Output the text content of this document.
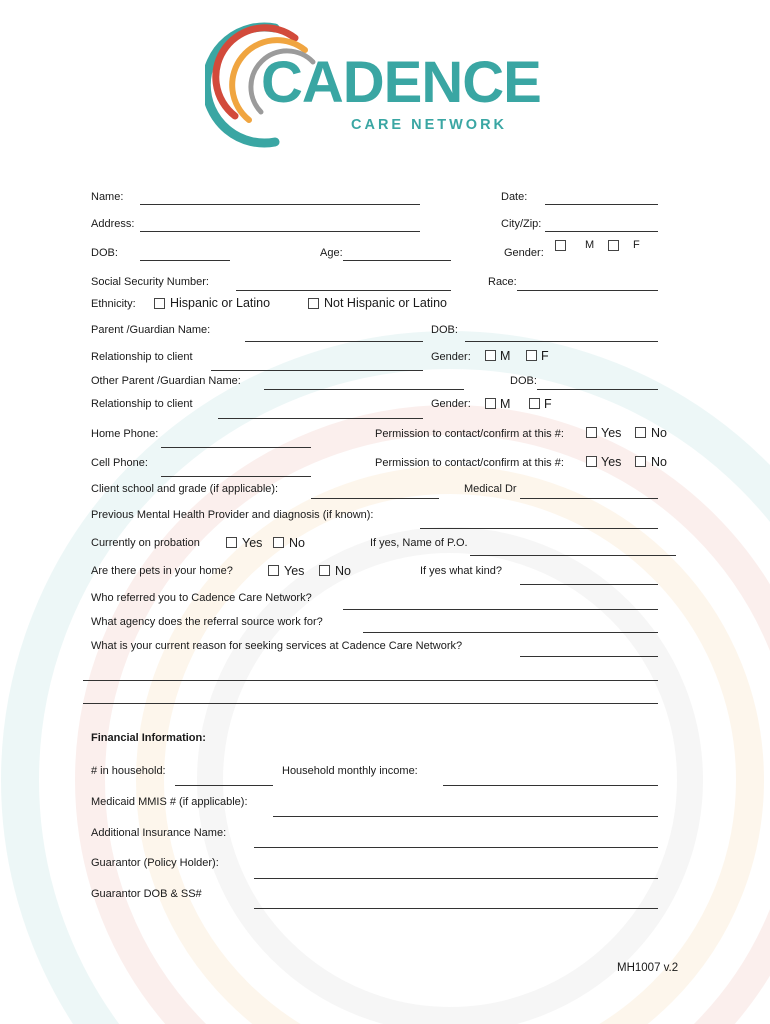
CADENCE
CARE NETWORK
Name:	Date:
Address:	City/Zip:
DOB:	Age:	Gender:
M	F
Social Security Number:	Race:
Ethnicity:	Hispanic or Latino	Not Hispanic or Latino
Parent /Guardian Name:	DOB:
Relationship to client	Gender: M F
Other Parent /Guardian Name:	DOB:
Relationship to client	Gender: M	F
Home Phone:	Permission to contact/confirm at this #:	Yes No
Cell Phone:	Permission to contact/confirm at this #:	Yes No
Client school and grade (if applicable):	Medical Dr
Previous Mental Health Provider and diagnosis (if known):
Currently on probation	Yes No	If yes, Name of P.O.
Are there pets in your home?	Yes No	If yes what kind?
Who referred you to Cadence Care Network?
What agency does the referral source work for?
What is your current reason for seeking services at Cadence Care Network?
Financial Information:
# in household:	Household monthly income:
Medicaid MMIS # (if applicable):
Additional Insurance Name:
Guarantor (Policy Holder):
Guarantor DOB & SS#
MH1007 v.2
